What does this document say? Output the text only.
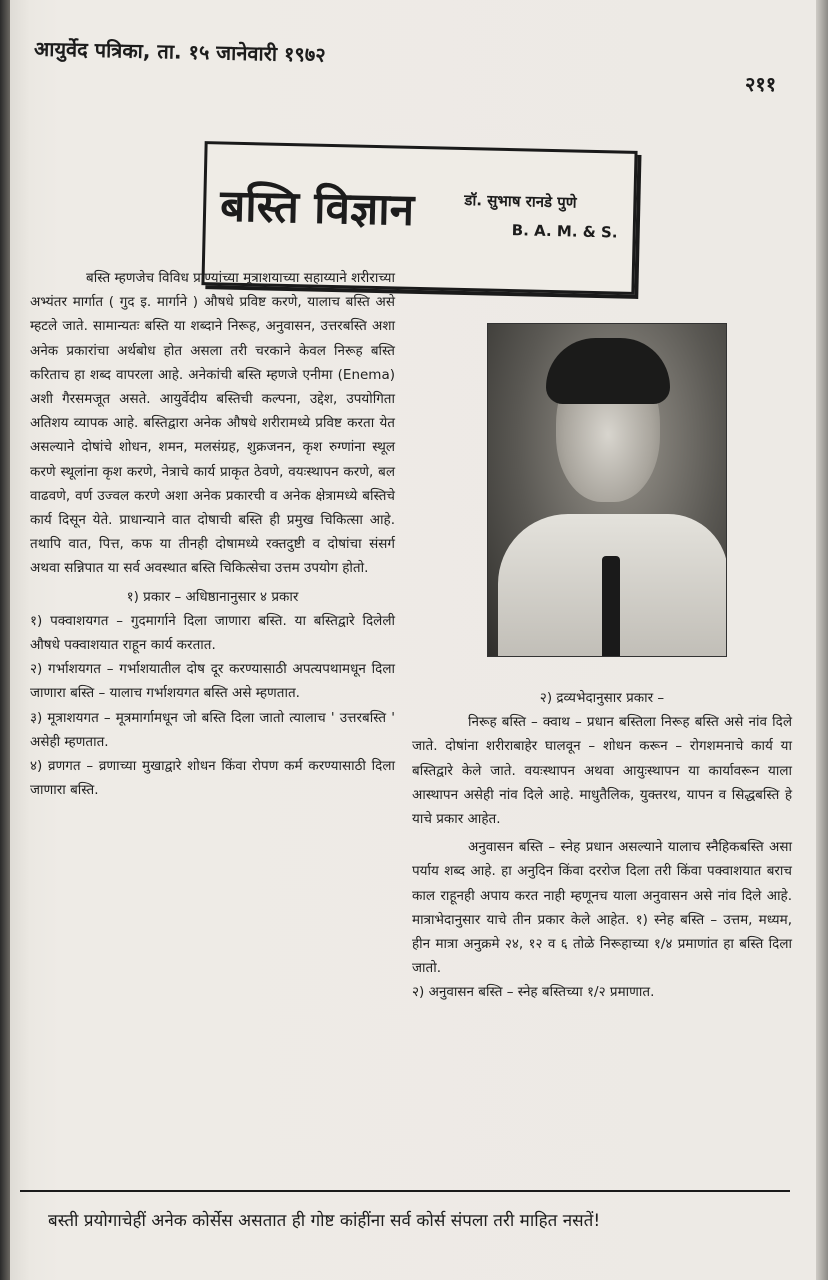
आयुर्वेद पत्रिका, ता. १५ जानेवारी १९७२
२११
बस्ति विज्ञान	डॉ. सुभाष रानडे पुणे
B. A. M. & S.

बस्ति म्हणजेच विविध प्राण्यांच्या मूत्राशयाच्या सहाय्याने शरीराच्या अभ्यंतर मार्गात ( गुद इ. मार्गाने ) औषधे प्रविष्ट करणे, यालाच बस्ति असे म्हटले जाते. सामान्यतः बस्ति या शब्दाने निरूह, अनुवासन, उत्तरबस्ति अशा अनेक प्रकारांचा अर्थबोध होत असला तरी चरकाने केवल निरूह बस्ति करिताच हा शब्द वापरला आहे. अनेकांची बस्ति म्हणजे एनीमा (Enema) अशी गैरसमजूत असते. आयुर्वेदीय बस्तिची कल्पना, उद्देश, उपयोगिता अतिशय व्यापक आहे. बस्तिद्वारा अनेक औषधे शरीरामध्ये प्रविष्ट करता येत असल्याने दोषांचे शोधन, शमन, मलसंग्रह, शुक्रजनन, कृश रुग्णांना स्थूल करणे स्थूलांना कृश करणे, नेत्राचे कार्य प्राकृत ठेवणे, वयःस्थापन करणे, बल वाढवणे, वर्ण उज्वल करणे अशा अनेक प्रकारची व अनेक क्षेत्रामध्ये बस्तिचे कार्य दिसून येते. प्राधान्याने वात दोषाची बस्ति ही प्रमुख चिकित्सा आहे. तथापि वात, पित्त, कफ या तीनही दोषामध्ये रक्तदुष्टी व दोषांचा संसर्ग अथवा सन्निपात या सर्व अवस्थात बस्ति चिकित्सेचा उत्तम उपयोग होतो.

१) प्रकार – अधिष्ठानानुसार ४ प्रकार

१) पक्वाशयगत – गुदमार्गाने दिला जाणारा बस्ति. या बस्तिद्वारे दिलेली औषधे पक्वाशयात राहून कार्य करतात.

२) गर्भाशयगत – गर्भाशयातील दोष दूर करण्यासाठी अपत्यपथामधून दिला जाणारा बस्ति – यालाच गर्भाशयगत बस्ति असे म्हणतात.

३) मूत्राशयगत – मूत्रमार्गामधून जो बस्ति दिला जातो त्यालाच ' उत्तरबस्ति ' असेही म्हणतात.

४) व्रणगत – व्रणाच्या मुखाद्वारे शोधन किंवा रोपण कर्म करण्यासाठी दिला जाणारा बस्ति.

२) द्रव्यभेदानुसार प्रकार –

निरूह बस्ति – क्वाथ – प्रधान बस्तिला निरूह बस्ति असे नांव दिले जाते. दोषांना शरीराबाहेर घालवून – शोधन करून – रोगशमनाचे कार्य या बस्तिद्वारे केले जाते. वयःस्थापन अथवा आयुःस्थापन या कार्यावरून याला आस्थापन असेही नांव दिले आहे. माधुतैलिक, युक्तरथ, यापन व सिद्धबस्ति हे याचे प्रकार आहेत.

अनुवासन बस्ति – स्नेह प्रधान असल्याने यालाच स्नैहिकबस्ति असा पर्याय शब्द आहे. हा अनुदिन किंवा दररोज दिला तरी किंवा पक्वाशयात बराच काल राहूनही अपाय करत नाही म्हणूनच याला अनुवासन असे नांव दिले आहे. मात्राभेदानुसार याचे तीन प्रकार केले आहेत. १) स्नेह बस्ति – उत्तम, मध्यम, हीन मात्रा अनुक्रमे २४, १२ व ६ तोळे निरूहाच्या १/४ प्रमाणांत हा बस्ति दिला जातो.

२) अनुवासन बस्ति – स्नेह बस्तिच्या १/२ प्रमाणात.

बस्ती प्रयोगाचेहीं अनेक कोर्सेस असतात ही गोष्ट कांहींना सर्व कोर्स संपला तरी माहित नसतें!
